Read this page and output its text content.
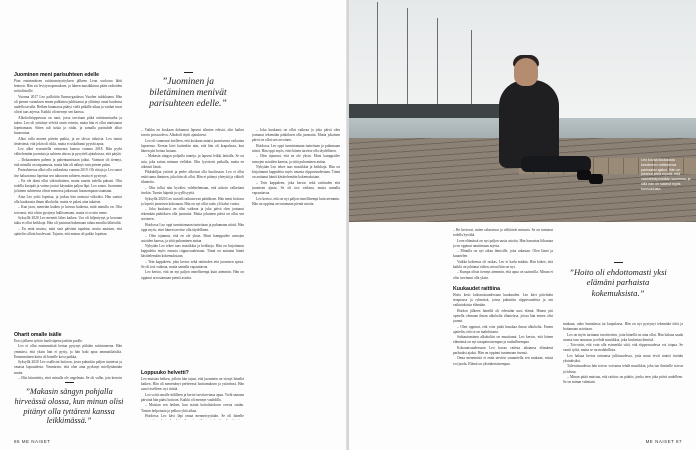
Juominen meni parisuhteen edelle

Pian ensimmäisen raitistumisyrityksen jälkeen Leon sooloura lähti lentoon. Hän sai levytyssopimuksen, ja hänen musiikkinsa pääsi radioiden soittolistoille.

Vuonna 2017 Leo palkittiin Emma-gaalassa Vuoden tulokkaana. Hän oli pienen varauksen ennen palkintoa juhlistanut ja ylittänyt omat kuulensa uudella tavalla. Hetken huumassa päätyi vielä pitkälle aikaa ja vanhat tavat olivat taas arjessa. Kaikki oli mennyt sen kanssa.

Alkoholiriippuvuus on tauti, jossa tarvitaan pitkä raitistumisaika ja tukea. Leo oli yrittänyt selvitä omin voimin, mutta hän ei ollut onnistunut lopettamaan. Sitten tuli tuska ja riidat, ja samalla parisuhde alkoi huonontua.

Alkoi tulla monen päivän putkia, ja ne olivat tuhoisia. Leo tuntui tietävänsä, että jokin oli rikki, mutta ei uskaltanut pyytää apua.

Leo alkoi seurustella vaimonsa kanssa vuonna 2018. Hän pyrki välttelemään juomista ja suhteen alussa ja pysytteli ajatuksissa, että pärjää.

– Dokaaminen paheni ja pahentumistaan jatkui. Vaimoni oli tiennyt, että minulla on taipumusta, mutta hän oli nähnyt vain pienen palan.

Parisuhteessa alkoi olla vaikeuksia vuonna 2019. Oli riitoja ja Leo sanoi itse haluavansa lopettaa sen tuhoavan suhteen, mutta ei pystynyt.

– En ole ikinä ollut väkivaltainen, mutta sanoin todella pahasti. Olin todella kusipää ja vaimo joutui käymään paljon läpi, Leo sanoo. Juominen ja hänen suhteensa olivat menossa jatkuvasti huonompaan suuntaan.

Aina Leo yritti lopettaa, ja joskus hän onnistui viikoiksi. Hän saattoi olla kuukausia ilman alkoholia, mutta se palasi aina takaisin.

– Kun juon, menetän kaiken ja luovun kaikesta, mitä minulla on. Olin toivonut, että olisin pystynyt hallitsemaan, mutta ei se niin mene.

Syksyllä 2020 Leo menetti lähes kaiken. Ura oli hiljentynyt ja koronan takia ei ollut keikkoja. Hän oli joutunut hakemaan rahaa monilta läheisiltä.

– En enää muista, mitä sinä päivänä tapahtui, mutta muistan, että ajattelin silloin kuolevani. Tajusin, että minun oli pakko lopettaa.

Oharit omalle isälle

Erosi jälkeen työtön huolisiipena jaettiin paolle.

Leo ei ollut ensimmäistä kertaa pysynyt pitkään raitistuneena. Hän ymmärsi, että yksin hän ei pysty, ja hän haki apua ammattilaisilta. Ensimmäinen kerta oli hänelle kova paikka.

Syksyllä 2020 Leo osallistui hoitoon, jossa puhuttiin paljon tunteista ja omasta lapsuudesta. Ymmärsin, että olen aina pyrkinyt miellyttämään muita.

– Olin kiinnitetty, ettei minulla ole ongelmaa. Se oli valhe, jota kerroin

”Juominen ja biletäminen menivät parisuhteen edelle.”

– Vaikka en koskaan dokannut lapseni silmien edessä, olin kaikin tavoin poissaoleva. Alkoholi täytti ajatukseni.

Leo oli vannonut itselleen, että koskaan antaisi juomisensa vaikuttaa lapseensa. Kerran kävi kuitenkin niin, että hän oli krapulassa, kun hänen piti hoitaa lastaan.

– Makasin sängyn pohjalla tunteja, ja lapseni leikki lattialla. Se on asia, joka sattuu minuun vieläkin. Olin fyysisesti paikalla, mutta en oikeasti läsnä.

Pikkuhiljaa ystävät ja perhe alkoivat olla huolissaan. Leo ei ollut enää sama ihminen, joka hän oli ollut. Hän ei pitänyt yhteyttä ja vältteli tilanteita.

– Olin tullut niin hyväksi valehtelemaan, että uskoin valheitani itsekin. Tunsin häpeää ja syyllisyyttä.

Syksyllä 2020 Leo tuosteli ratkaisevan päätöksen. Hän meni hoitoon ja lopetti juomisen kokonaan. Hän on nyt ollut raitis yli kaksi vuotta.

– Joka kuukausi on ollut vaikeaa ja joka päivä olen joutunut tekemään päätöksen olla juomatta. Mutta jokainen päivä on ollut sen arvoinen.

Hoidossa Leo oppi tunnistamaan tunteitaan ja puhumaan niistä. Hän oppi myös, ettei hänen tarvitse olla täydellinen.

– Olen tajunnut, että en ole yksin. Moni kamppailee samojen asioiden kanssa, ja siitä puhuminen auttaa.

Nykyään Leo tekee taas musiikkia ja keikkoja. Hän on kirjoittanut kappaleita myös omasta riippuvuudestaan. Tämä on auttanut häntä käsittelemään kokemuksiaan.

– Tein kappaleen, joka kertoo sekä raittiuden että juomisen ajasta. Se oli tosi vaikeaa, mutta samalla vapauttavaa.

Leo kertoo, että on nyt paljon onnellisempi kuin aiemmin. Hän on oppinut arvostamaan pieniä asioita.

Loppuuko helvetti?

Leo muistaa hetken, jolloin hän tajusi, että juominen on vienyt häneltä kaiken. Hän oli menettänyt perheensä luottamuksen ja ystävänsä. Hän sanoi itselleen: nyt riittää.

Leo soitti omalle äidilleen ja kertoi tarvitsevansa apua. Vielä samana päivänä hän pääsi hoitoon. Kaikki oli mennyt vauhdilla.

– Muistan sen hetken, kun astuin hoitolaitoksen ovesta sisään. Tunsin helpotusta ja pelkoa yhtä aikaa.

Hoidossa Leo kävi läpi omaa menneisyyttään. Se oli hänelle

– Joka kuukausi on ollut vaikeaa ja joka päivä olen joutunut tekemään päätöksen olla juomatta. Mutta jokainen päivä on ollut sen arvoinen.

Hoidossa Leo oppi tunnistamaan tunteitaan ja puhumaan niistä. Hän oppi myös, ettei hänen tarvitse olla täydellinen.

– Olen tajunnut, että en ole yksin. Moni kamppailee samojen asioiden kanssa, ja siitä puhuminen auttaa.

Nykyään Leo tekee taas musiikkia ja keikkoja. Hän on kirjoittanut kappaleita myös omasta riippuvuudestaan. Tämä on auttanut häntä käsittelemään kokemuksiaan.

– Tein kappaleen, joka kertoo sekä raittiuden että juomisen ajasta. Se oli tosi vaikeaa, mutta samalla vapauttavaa.

Leo kertoo, että on nyt paljon onnellisempi kuin aiemmin. Hän on oppinut arvostamaan pieniä asioita.

”Makasin sängyn pohjalla hirveässä olossa, kun minun olisi pitänyt olla tyttäreni kanssa leikkimässä.”
86 ME NAISET
Leo kuvaa kuukausia kestäneen raittiutensa parhaaksi ajaksi. Hän on jakanut sekä myötä- että vastoinkäymisiään somessa, ja sillä hän on saanut myös kannustusta.

– He kertovat, miten rakastavat ja välittävät minusta. Se on tuntunut todella hyvältä.

Leon elämässä on nyt paljon uusia asioita. Hän harrastaa liikuntaa ja on oppinut nauttimaan arjesta.

– Minulla on nyt aikaa ihmisille, joita rakastan. Olen läsnä ja kuuntelen.

Vaikka kokemus oli raskas, Leo ei kadu mitään. Hän kokee, että kaikki on johtanut siihen, missä hän on nyt.

– Kumpa olisin tiennyt aiemmin, että apua on saatavilla. Minun ei olisi tarvinnut olla yksin.

Kuukaudet raittiina

Hoito kesti kokonaisuudessaan kuukauden. Leo kävi päivittäin terapiassa ja ryhmissä, joissa puhuttiin riippuvuudesta ja sen vaikutuksista elämään.

Hoidon jälkeen hänellä oli edessään uusi elämä. Hänen piti opetella olemaan ilman alkoholia tilanteissa, joissa hän ennen olisi juonut.

– Olen oppinut, että voin pitää hauskaa ilman alkoholia. Ennen ajattelin, että se on mahdotonta.

Suhtautuminen alkoholiin on muuttunut. Leo kertoo, että hänen elämänsä on nyt tasapainoisempaa ja rauhallisempaa.

Kokonaisuudessaan Leo kuvaa raitista aikaansa elämänsä parhaaksi ajaksi. Hän on oppinut tuntemaan itsensä.

Omia menemisiä ei enää tarvitse suunnitella sen mukaan, missä voi juoda. Elämä on yksinkertaisempaa.

”Hoito oli ehdottomasti yksi elämäni parhaista kokemuksista.”

mukaan, onko humalassa tai krapulassa. Hän on nyt pystynyt tekemään töitä ja hoitamaan asioitaan.

Leo on myös tarttunut tavoitteisiin, joita hänellä on aina ollut. Hän haluaa saada uransa taas nousuun ja tehdä musiikkia, joka koskettaa ihmisiä.

– Toivoisin, että voin olla esimerkki siitä, että riippuvuudesta voi toipua. Se vaatii työtä, mutta se on mahdollista.

Leo haluaa kertoa tarinansa julkisuudessa, jotta muut eivät tuntisi itseään yksinäisiksi.

Tulevaisuudessa hän toivoo voivansa tehdä musiikkia, joka tuo ihmisille toivoa ja lohtua.

– Minun pitää muistaa, että raittius on päätös, jonka teen joka päivä uudelleen. Se on minun valintani.

ME NAISET 87
